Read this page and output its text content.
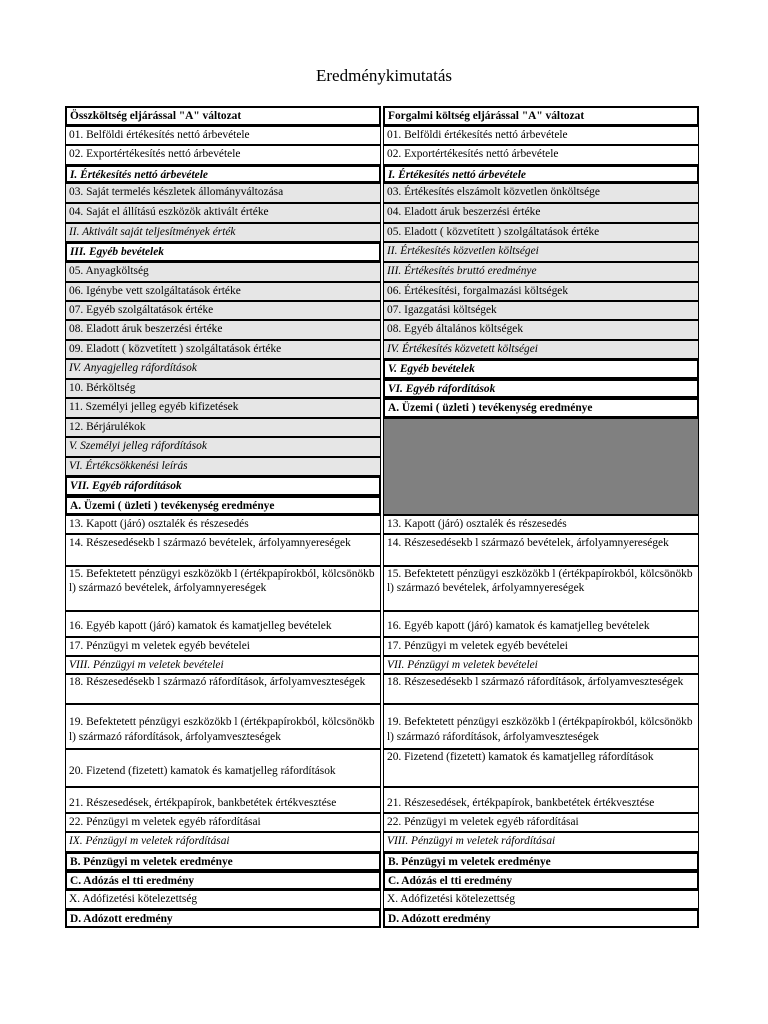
Eredménykimutatás
Összköltség eljárással "A" változat
01. Belföldi értékesítés nettó árbevétele
02. Exportértékesítés nettó árbevétele
I. Értékesítés nettó árbevétele
03. Saját termelés készletek állományváltozása
04. Saját el állítású eszközök aktivált értéke
II. Aktivált saját teljesítmények érték
III. Egyéb bevételek
05. Anyagköltség
06. Igénybe vett szolgáltatások értéke
07. Egyéb szolgáltatások értéke
08. Eladott áruk beszerzési értéke
09. Eladott ( közvetített ) szolgáltatások értéke
IV. Anyagjelleg ráfordítások
10. Bérköltség
11. Személyi jelleg egyéb kifizetések
12. Bérjárulékok
V. Személyi jelleg ráfordítások
VI. Értékcsökkenési leírás
VII. Egyéb ráfordítások
A. Üzemi ( üzleti ) tevékenység eredménye
13. Kapott (járó) osztalék és részesedés
14. Részesedésekb l származó bevételek, árfolyamnyereségek
15. Befektetett pénzügyi eszközökb l (értékpapírokból, kölcsönökb l) származó bevételek, árfolyamnyereségek
16. Egyéb kapott (járó) kamatok és kamatjelleg bevételek
17. Pénzügyi m veletek egyéb bevételei
VIII. Pénzügyi m veletek bevételei
18. Részesedésekb l származó ráfordítások, árfolyamveszteségek
19. Befektetett pénzügyi eszközökb l (értékpapírokból, kölcsönökb l) származó ráfordítások, árfolyamveszteségek
20. Fizetend (fizetett) kamatok és kamatjelleg ráfordítások
21. Részesedések, értékpapírok, bankbetétek értékvesztése
22. Pénzügyi m veletek egyéb ráfordításai
IX. Pénzügyi m veletek ráfordításai
B. Pénzügyi m veletek eredménye
C. Adózás el tti eredmény
X. Adófizetési kötelezettség
D. Adózott eredmény
Forgalmi költség eljárással "A" változat
01. Belföldi értékesítés nettó árbevétele
02. Exportértékesítés nettó árbevétele
I. Értékesítés nettó árbevétele
03. Értékesítés elszámolt közvetlen önköltsége
04. Eladott áruk beszerzési értéke
05. Eladott ( közvetített ) szolgáltatások értéke
II. Értékesítés közvetlen költségei
III. Értékesítés bruttó eredménye
06. Értékesítési, forgalmazási költségek
07. Igazgatási költségek
08. Egyéb általános költségek
IV. Értékesítés közvetett költségei
V. Egyéb bevételek
VI. Egyéb ráfordítások
A. Üzemi ( üzleti ) tevékenység eredménye
13. Kapott (járó) osztalék és részesedés
14. Részesedésekb l származó bevételek, árfolyamnyereségek
15. Befektetett pénzügyi eszközökb l (értékpapírokból, kölcsönökb l) származó bevételek, árfolyamnyereségek
16. Egyéb kapott (járó) kamatok és kamatjelleg bevételek
17. Pénzügyi m veletek egyéb bevételei
VII. Pénzügyi m veletek bevételei
18. Részesedésekb l származó ráfordítások, árfolyamveszteségek
19. Befektetett pénzügyi eszközökb l (értékpapírokból, kölcsönökb l) származó ráfordítások, árfolyamveszteségek
20. Fizetend (fizetett) kamatok és kamatjelleg ráfordítások
21. Részesedések, értékpapírok, bankbetétek értékvesztése
22. Pénzügyi m veletek egyéb ráfordításai
VIII. Pénzügyi m veletek ráfordításai
B. Pénzügyi m veletek eredménye
C. Adózás el tti eredmény
X. Adófizetési kötelezettség
D. Adózott eredmény
